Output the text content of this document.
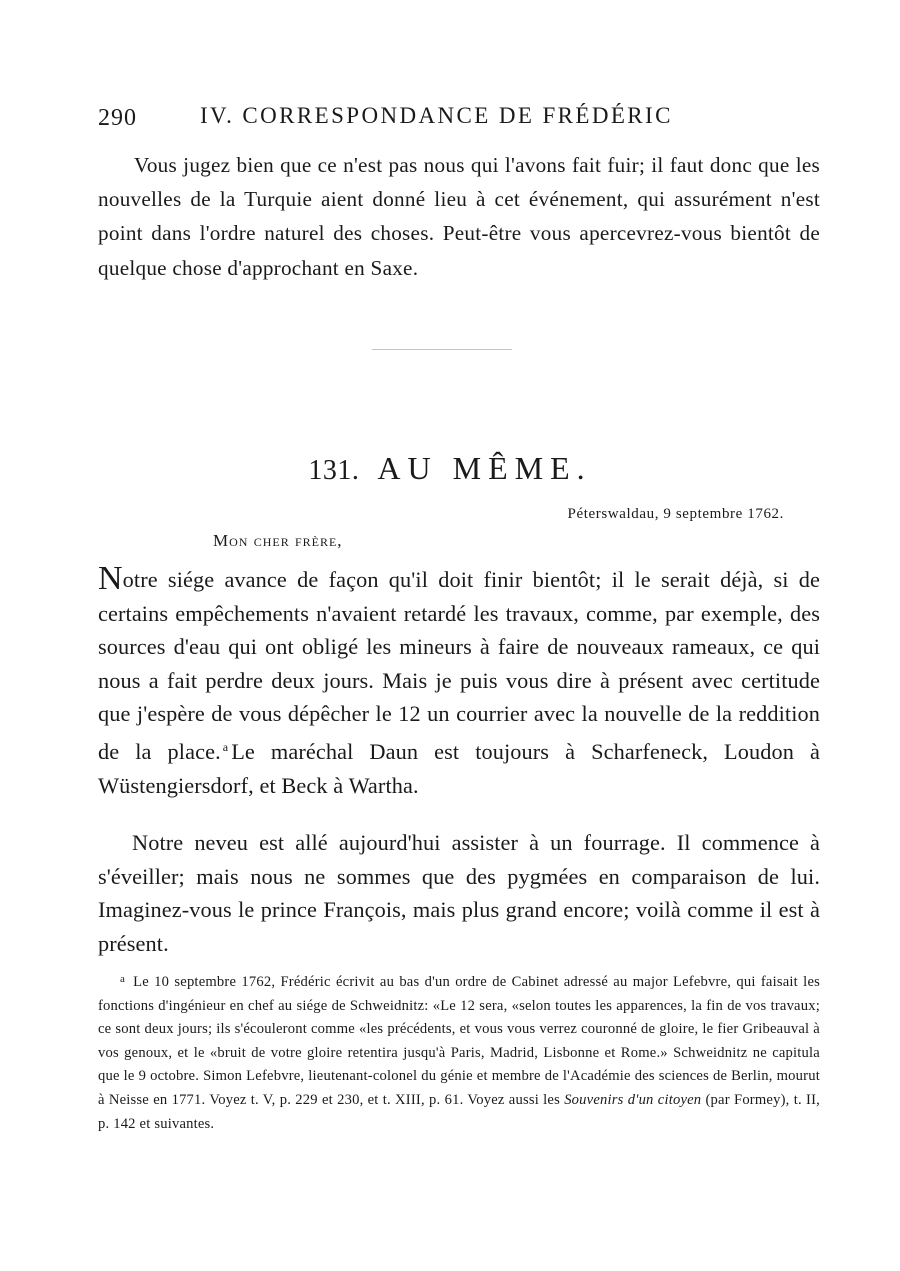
290	IV. CORRESPONDANCE DE FRÉDÉRIC

Vous jugez bien que ce n'est pas nous qui l'avons fait fuir; il faut donc que les nouvelles de la Turquie aient donné lieu à cet événement, qui assurément n'est point dans l'ordre naturel des choses. Peut-être vous apercevrez-vous bientôt de quelque chose d'approchant en Saxe.

131. AU MÊME.
Péterswaldau, 9 septembre 1762.
Mon cher frère,

Notre siége avance de façon qu'il doit finir bientôt; il le serait déjà, si de certains empêchements n'avaient retardé les travaux, comme, par exemple, des sources d'eau qui ont obligé les mineurs à faire de nouveaux rameaux, ce qui nous a fait perdre deux jours. Mais je puis vous dire à présent avec certitude que j'espère de vous dépêcher le 12 un courrier avec la nouvelle de la reddition de la place. $^a$ Le maréchal Daun est toujours à Scharfeneck, Loudon à Wüstengiersdorf, et Beck à Wartha.

Notre neveu est allé aujourd'hui assister à un fourrage. Il commence à s'éveiller; mais nous ne sommes que des pygmées en comparaison de lui. Imaginez-vous le prince François, mais plus grand encore; voilà comme il est à présent.

$^a$ Le 10 septembre 1762, Frédéric écrivit au bas d'un ordre de Cabinet adressé au major Lefebvre, qui faisait les fonctions d'ingénieur en chef au siége de Schweidnitz: «Le 12 sera, «selon toutes les apparences, la fin de vos travaux; ce sont deux jours; ils s'écouleront comme «les précédents, et vous vous verrez couronné de gloire, le fier Gribeauval à vos genoux, et le «bruit de votre gloire retentira jusqu'à Paris, Madrid, Lisbonne et Rome.» Schweidnitz ne capitula que le 9 octobre. Simon Lefebvre, lieutenant-colonel du génie et membre de l'Académie des sciences de Berlin, mourut à Neisse en 1771. Voyez t. V, p. 229 et 230, et t. XIII, p. 61. Voyez aussi les Souvenirs d'un citoyen (par Formey), t. II, p. 142 et suivantes.
